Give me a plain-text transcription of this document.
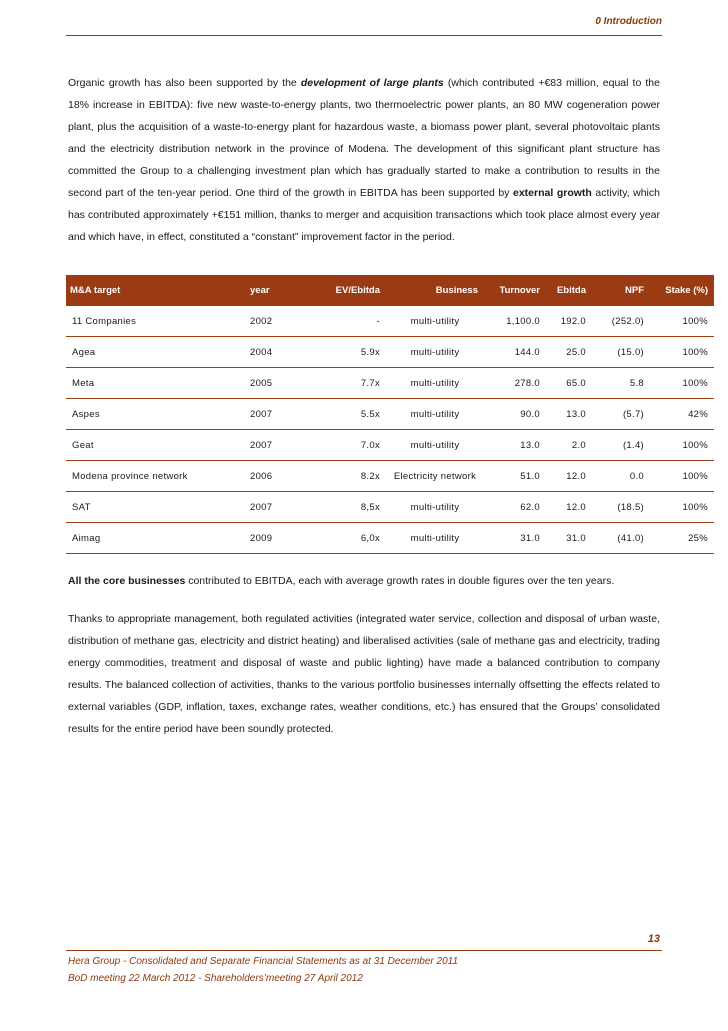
0 Introduction

Organic growth has also been supported by the development of large plants (which contributed +€83 million, equal to the 18% increase in EBITDA): five new waste-to-energy plants, two thermoelectric power plants, an 80 MW cogeneration power plant, plus the acquisition of a waste-to-energy plant for hazardous waste, a biomass power plant, several photovoltaic plants and the electricity distribution network in the province of Modena. The development of this significant plant structure has committed the Group to a challenging investment plan which has gradually started to make a contribution to results in the second part of the ten-year period. One third of the growth in EBITDA has been supported by external growth activity, which has contributed approximately +€151 million, thanks to merger and acquisition transactions which took place almost every year and which have, in effect, constituted a “constant” improvement factor in the period.

M&A target	year	EV/Ebitda	Business	Turnover	Ebitda	NPF	Stake (%)
11 Companies	2002	-	multi-utility	1,100.0	192.0	(252.0)	100%
Agea	2004	5.9x	multi-utility	144.0	25.0	(15.0)	100%
Meta	2005	7.7x	multi-utility	278.0	65.0	5.8	100%
Aspes	2007	5.5x	multi-utility	90.0	13.0	(5.7)	42%
Geat	2007	7.0x	multi-utility	13.0	2.0	(1.4)	100%
Modena province network	2006	8.2x	Electricity network	51.0	12.0	0.0	100%
SAT	2007	8,5x	multi-utility	62.0	12.0	(18.5)	100%
Aimag	2009	6,0x	multi-utility	31.0	31.0	(41.0)	25%

All the core businesses contributed to EBITDA, each with average growth rates in double figures over the ten years.

Thanks to appropriate management, both regulated activities (integrated water service, collection and disposal of urban waste, distribution of methane gas, electricity and district heating) and liberalised activities (sale of methane gas and electricity, trading energy commodities, treatment and disposal of waste and public lighting) have made a balanced contribution to company results. The balanced collection of activities, thanks to the various portfolio businesses internally offsetting the effects related to external variables (GDP, inflation, taxes, exchange rates, weather conditions, etc.) has ensured that the Groups’ consolidated results for the entire period have been soundly protected.

13
Hera Group - Consolidated and Separate Financial Statements as at 31 December 2011
BoD meeting 22 March 2012 - Shareholders’meeting 27 April 2012
